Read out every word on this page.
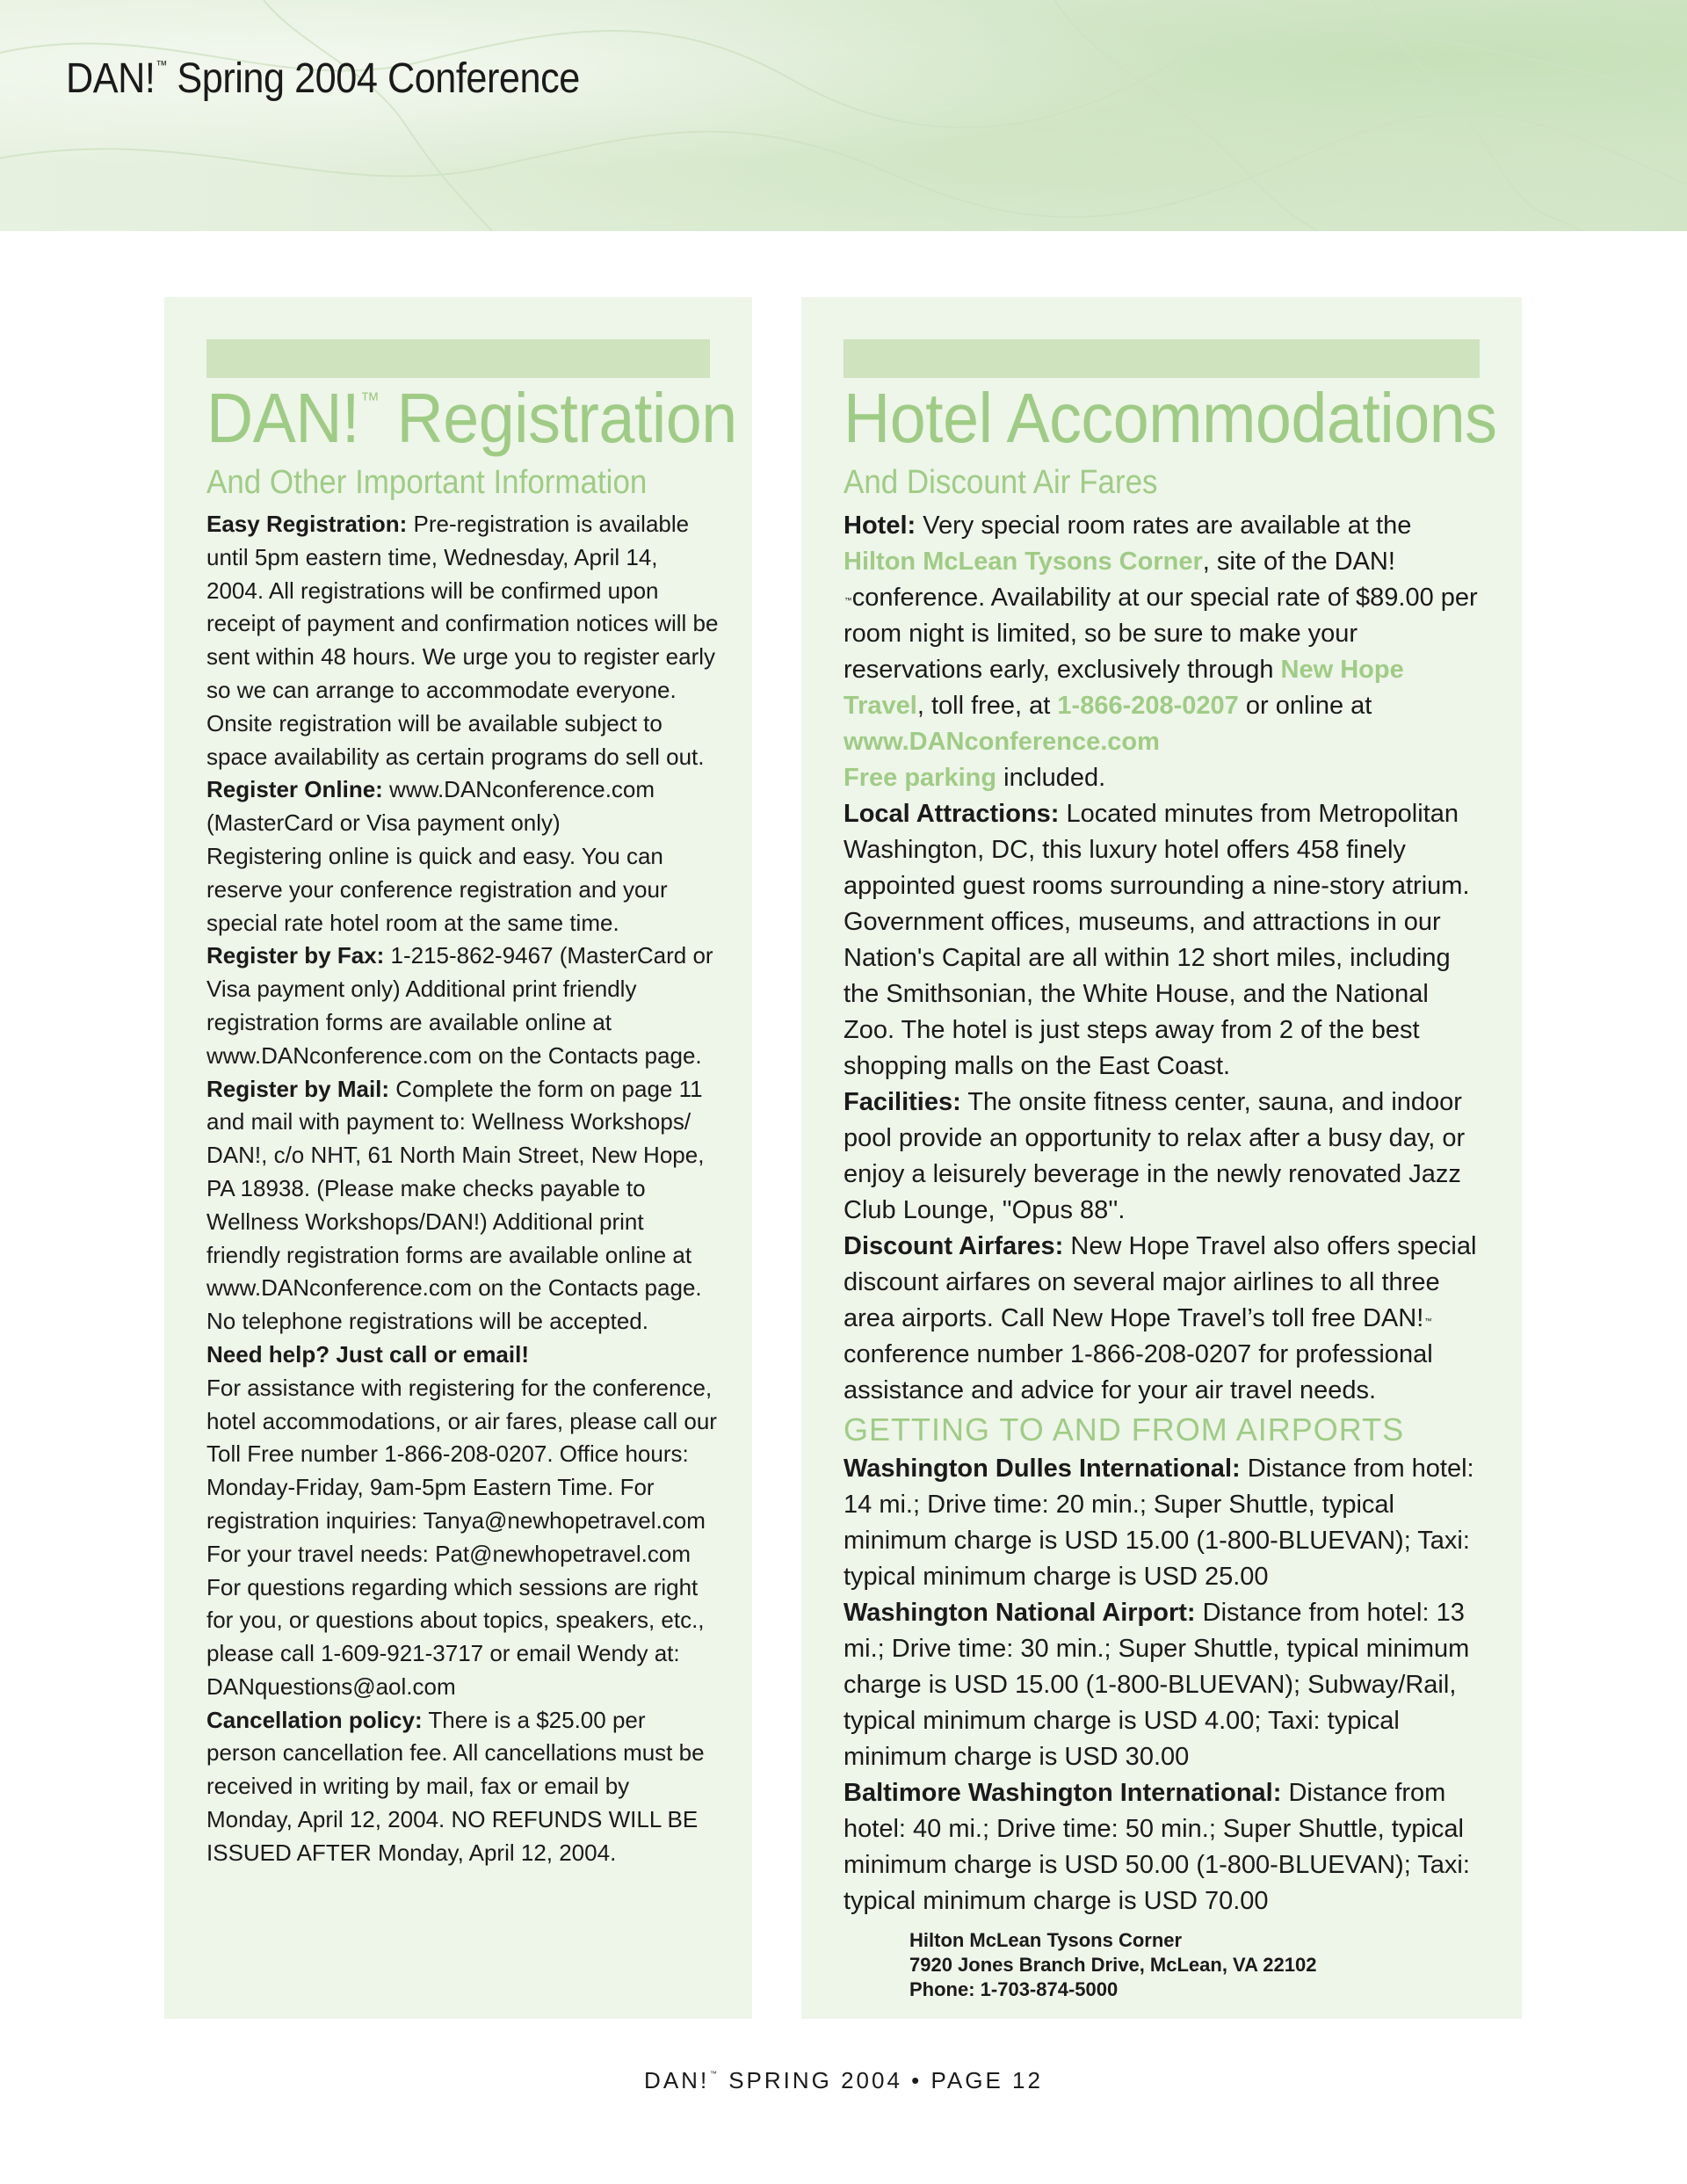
DAN!™ Spring 2004 Conference
DAN!™ Registration
And Other Important Information

Easy Registration: Pre-registration is available until 5pm eastern time, Wednesday, April 14, 2004. All registrations will be confirmed upon receipt of payment and confirmation notices will be sent within 48 hours. We urge you to register early so we can arrange to accommodate everyone. Onsite registration will be available subject to space availability as certain programs do sell out.

Register Online: www.DANconference.com

(MasterCard or Visa payment only)

Registering online is quick and easy. You can reserve your conference registration and your special rate hotel room at the same time.

Register by Fax: 1-215-862-9467 (MasterCard or Visa payment only) Additional print friendly registration forms are available online at www.DANconference.com on the Contacts page.

Register by Mail: Complete the form on page 11 and mail with payment to: Wellness Workshops/ DAN!, c/o NHT, 61 North Main Street, New Hope, PA 18938. (Please make checks payable to Wellness Workshops/DAN!) Additional print friendly registration forms are available online at www.DANconference.com on the Contacts page. No telephone registrations will be accepted.

Need help? Just call or email!

For assistance with registering for the conference, hotel accommodations, or air fares, please call our Toll Free number 1-866-208-0207. Office hours: Monday-Friday, 9am-5pm Eastern Time. For registration inquiries: Tanya@newhopetravel.com

For your travel needs: Pat@newhopetravel.com

For questions regarding which sessions are right for you, or questions about topics, speakers, etc., please call 1-609-921-3717 or email Wendy at: DANquestions@aol.com

Cancellation policy: There is a $25.00 per person cancellation fee. All cancellations must be received in writing by mail, fax or email by Monday, April 12, 2004. NO REFUNDS WILL BE ISSUED AFTER Monday, April 12, 2004.

Hotel Accommodations
And Discount Air Fares

Hotel: Very special room rates are available at the Hilton McLean Tysons Corner, site of the DAN!™conference. Availability at our special rate of $89.00 per room night is limited, so be sure to make your reservations early, exclusively through New Hope Travel, toll free, at 1-866-208-0207 or online at www.DANconference.com
Free parking included.

Local Attractions: Located minutes from Metropolitan Washington, DC, this luxury hotel offers 458 finely appointed guest rooms surrounding a nine-story atrium. Government offices, museums, and attractions in our Nation's Capital are all within 12 short miles, including the Smithsonian, the White House, and the National Zoo. The hotel is just steps away from 2 of the best shopping malls on the East Coast.

Facilities: The onsite fitness center, sauna, and indoor pool provide an opportunity to relax after a busy day, or enjoy a leisurely beverage in the newly renovated Jazz Club Lounge, ''Opus 88''.

Discount Airfares: New Hope Travel also offers special discount airfares on several major airlines to all three area airports. Call New Hope Travel’s toll free DAN!™ conference number 1-866-208-0207 for professional assistance and advice for your air travel needs.

GETTING TO AND FROM AIRPORTS

Washington Dulles International: Distance from hotel: 14 mi.; Drive time: 20 min.; Super Shuttle, typical minimum charge is USD 15.00 (1-800-BLUEVAN); Taxi: typical minimum charge is USD 25.00

Washington National Airport: Distance from hotel: 13 mi.; Drive time: 30 min.; Super Shuttle, typical minimum charge is USD 15.00 (1-800-BLUEVAN); Subway/Rail, typical minimum charge is USD 4.00; Taxi: typical minimum charge is USD 30.00

Baltimore Washington International: Distance from hotel: 40 mi.; Drive time: 50 min.; Super Shuttle, typical minimum charge is USD 50.00 (1-800-BLUEVAN); Taxi: typical minimum charge is USD 70.00

Hilton McLean Tysons Corner
7920 Jones Branch Drive, McLean, VA 22102
Phone: 1-703-874-5000
DAN!™ SPRING 2004 • PAGE 12
